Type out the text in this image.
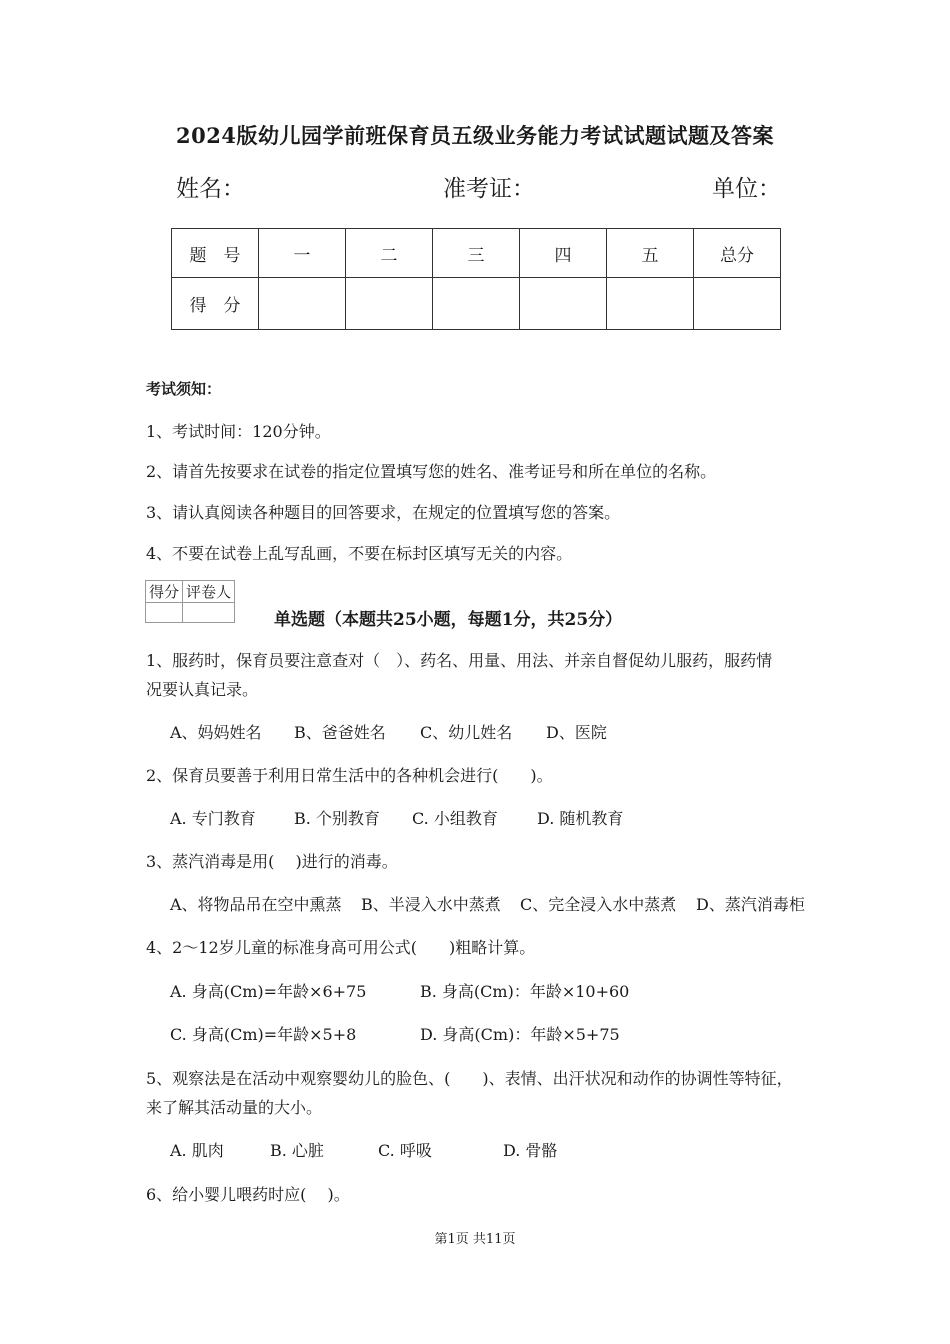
2024版幼儿园学前班保育员五级业务能力考试试题试题及答案
姓名：	准考证：	单位：
题　号	一	二	三	四	五	总分
得　分						
考试须知：
1、考试时间：120分钟。
2、请首先按要求在试卷的指定位置填写您的姓名、准考证号和所在单位的名称。
3、请认真阅读各种题目的回答要求，在规定的位置填写您的答案。
4、不要在试卷上乱写乱画，不要在标封区填写无关的内容。
得分	评卷人

单选题（本题共25小题，每题1分，共25分）
1、服药时，保育员要注意查对（　）、药名、用量、用法、并亲自督促幼儿服药，服药情
况要认真记录。
A、妈妈姓名 B、爸爸姓名 C、幼儿姓名 D、医院
2、保育员要善于利用日常生活中的各种机会进行(　　)。
A. 专门教育 B. 个别教育 C. 小组教育 D. 随机教育
3、蒸汽消毒是用(　 )进行的消毒。
A、将物品吊在空中熏蒸 B、半浸入水中蒸煮 C、完全浸入水中蒸煮 D、蒸汽消毒柜
4、2～12岁儿童的标准身高可用公式(　　)粗略计算。
A. 身高(Cm)=年龄×6+75	B. 身高(Cm)：年龄×10+60
C. 身高(Cm)=年龄×5+8	D. 身高(Cm)：年龄×5+75
5、观察法是在活动中观察婴幼儿的脸色、(　　)、表情、出汗状况和动作的协调性等特征，
来了解其活动量的大小。
A. 肌肉	B. 心脏	C. 呼吸	D. 骨骼
6、给小婴儿喂药时应(　 )。
第1页 共11页
